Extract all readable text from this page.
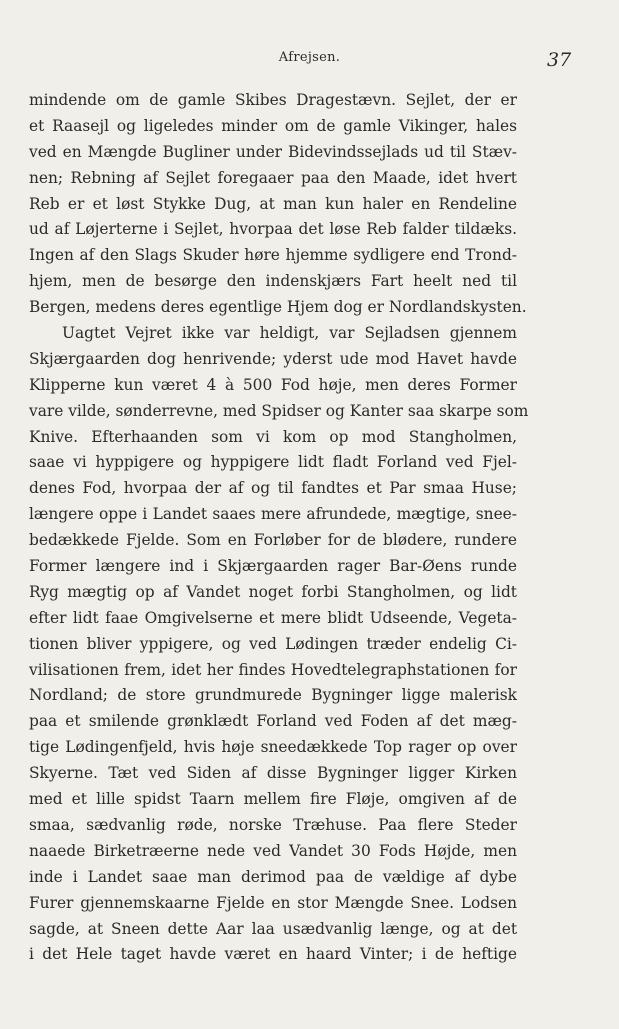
Afrejsen.	37
mindende om de gamle Skibes Dragestævn. Sejlet, der er
et Raasejl og ligeledes minder om de gamle Vikinger, hales
ved en Mængde Bugliner under Bidevindssejlads ud til Stæv-
nen; Rebning af Sejlet foregaaer paa den Maade, idet hvert
Reb er et løst Stykke Dug, at man kun haler en Rendeline
ud af Løjerterne i Sejlet, hvorpaa det løse Reb falder tildæks.
Ingen af den Slags Skuder høre hjemme sydligere end Trond-
hjem, men de besørge den indenskjærs Fart heelt ned til
Bergen, medens deres egentlige Hjem dog er Nordlandskysten.
Uagtet Vejret ikke var heldigt, var Sejladsen gjennem
Skjærgaarden dog henrivende; yderst ude mod Havet havde
Klipperne kun været 4 à 500 Fod høje, men deres Former
vare vilde, sønderrevne, med Spidser og Kanter saa skarpe som
Knive. Efterhaanden som vi kom op mod Stangholmen,
saae vi hyppigere og hyppigere lidt fladt Forland ved Fjel-
denes Fod, hvorpaa der af og til fandtes et Par smaa Huse;
længere oppe i Landet saaes mere afrundede, mægtige, snee-
bedækkede Fjelde. Som en Forløber for de blødere, rundere
Former længere ind i Skjærgaarden rager Bar-Øens runde
Ryg mægtig op af Vandet noget forbi Stangholmen, og lidt
efter lidt faae Omgivelserne et mere blidt Udseende, Vegeta-
tionen bliver yppigere, og ved Lødingen træder endelig Ci-
vilisationen frem, idet her findes Hovedtelegraphstationen for
Nordland; de store grundmurede Bygninger ligge malerisk
paa et smilende grønklædt Forland ved Foden af det mæg-
tige Lødingenfjeld, hvis høje sneedækkede Top rager op over
Skyerne. Tæt ved Siden af disse Bygninger ligger Kirken
med et lille spidst Taarn mellem fire Fløje, omgiven af de
smaa, sædvanlig røde, norske Træhuse. Paa flere Steder
naaede Birketræerne nede ved Vandet 30 Fods Højde, men
inde i Landet saae man derimod paa de vældige af dybe
Furer gjennemskaarne Fjelde en stor Mængde Snee. Lodsen
sagde, at Sneen dette Aar laa usædvanlig længe, og at det
i det Hele taget havde været en haard Vinter; i de heftige
